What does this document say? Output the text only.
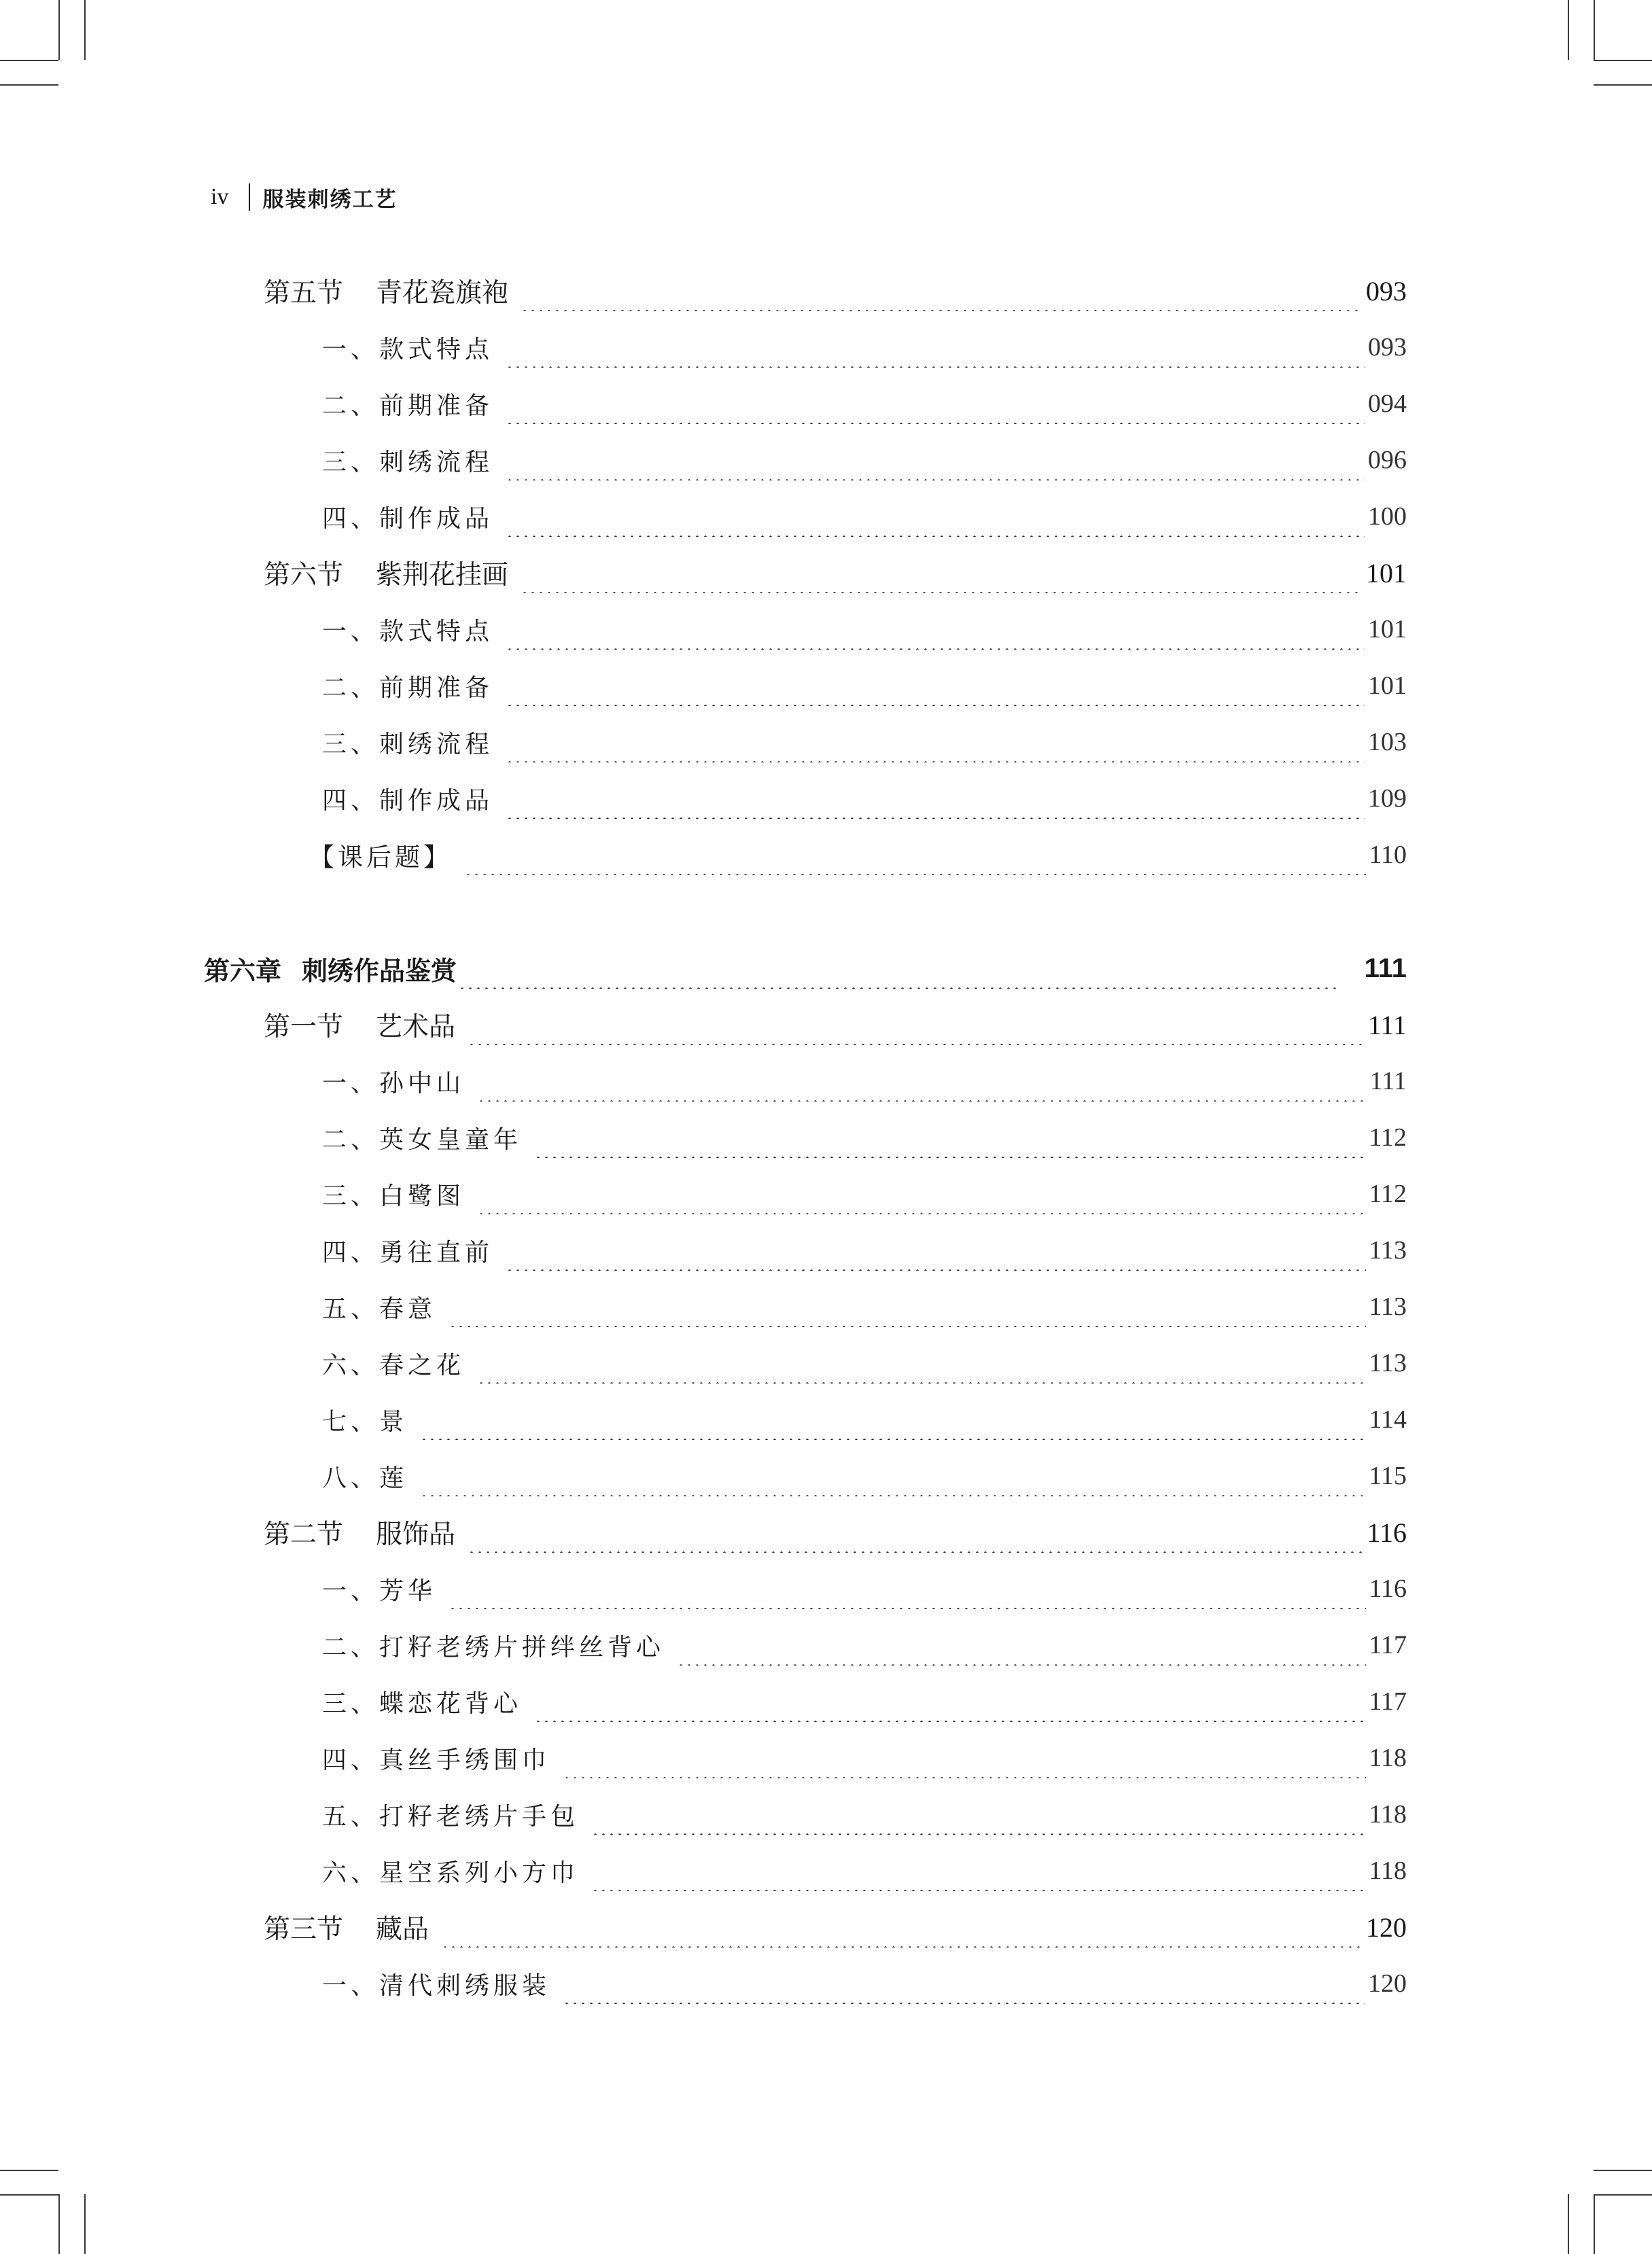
iv 服装刺绣工艺
第五节 青花瓷旗袍	093
一、款式特点	093
二、前期准备	094
三、刺绣流程	096
四、制作成品	100
第六节 紫荆花挂画	101
一、款式特点	101
二、前期准备	101
三、刺绣流程	103
四、制作成品	109
【课后题】	110
第六章 刺绣作品鉴赏	111
第一节 艺术品	111
一、孙中山	111
二、英女皇童年	112
三、白鹭图	112
四、勇往直前	113
五、春意	113
六、春之花	113
七、景	114
八、莲	115
第二节 服饰品	116
一、芳华	116
二、打籽老绣片拼绊丝背心	117
三、蝶恋花背心	117
四、真丝手绣围巾	118
五、打籽老绣片手包	118
六、星空系列小方巾	118
第三节 藏品	120
一、清代刺绣服装	120
